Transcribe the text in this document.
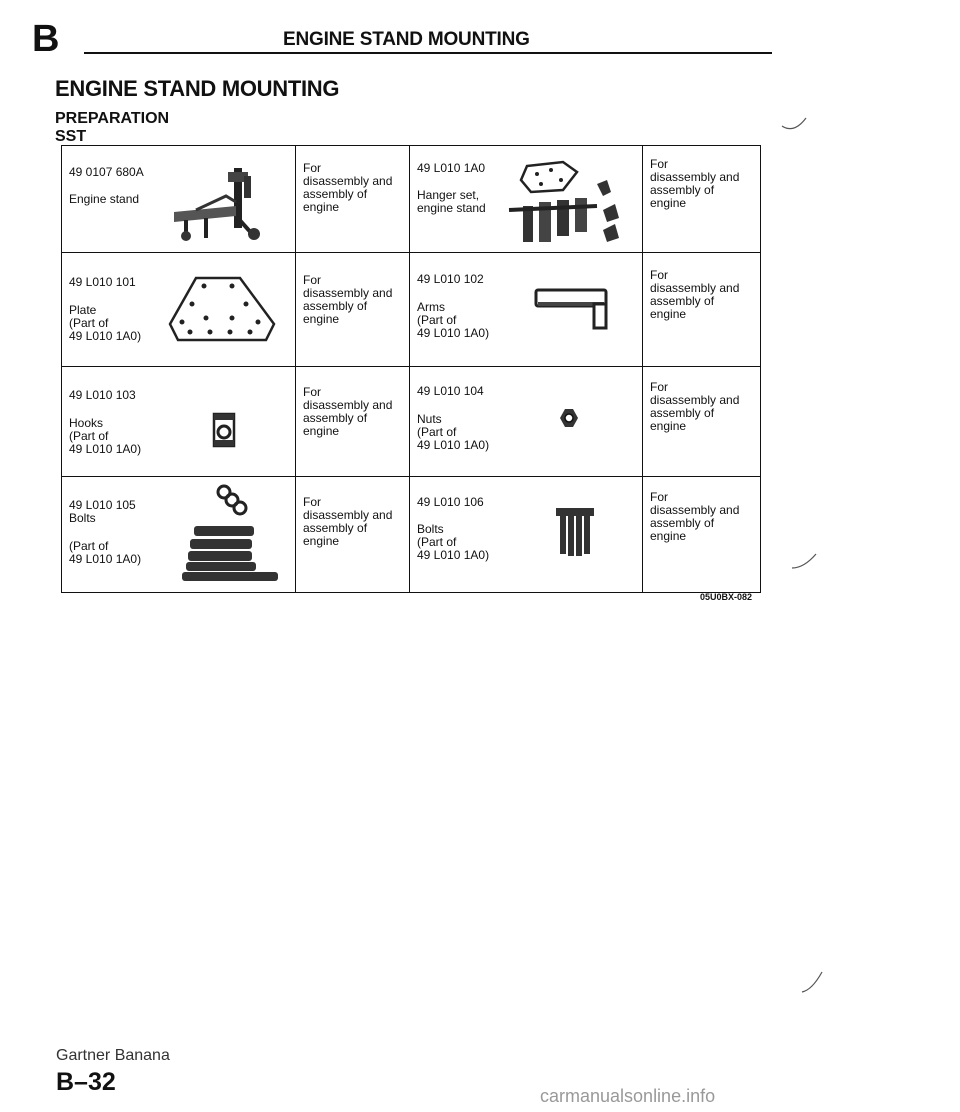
B	ENGINE STAND MOUNTING
ENGINE STAND MOUNTING
PREPARATION
SST
49 0107 680A
Engine stand
For
disassembly and
assembly of
engine
49 L010 1A0
Hanger set,
engine stand
For
disassembly and
assembly of
engine
49 L010 101
Plate
(Part of
49 L010 1A0)
For
disassembly and
assembly of
engine
49 L010 102
Arms
(Part of
49 L010 1A0)
For
disassembly and
assembly of
engine
49 L010 103
Hooks
(Part of
49 L010 1A0)
For
disassembly and
assembly of
engine
49 L010 104
Nuts
(Part of
49 L010 1A0)
For
disassembly and
assembly of
engine
49 L010 105
Bolts
(Part of
49 L010 1A0)
For
disassembly and
assembly of
engine
49 L010 106
Bolts
(Part of
49 L010 1A0)
For
disassembly and
assembly of
engine
05U0BX-082
Gartner Banana
B–32	carmanualsonline.info
